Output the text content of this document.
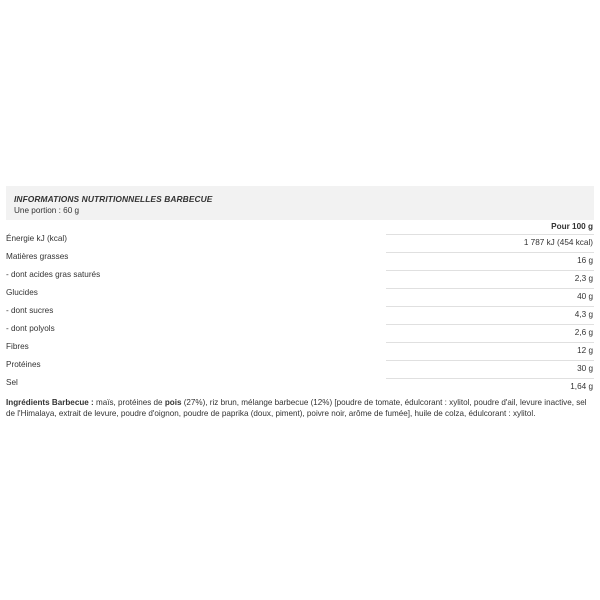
INFORMATIONS NUTRITIONNELLES BARBECUE
Une portion : 60 g
Pour 100 g
Énergie kJ (kcal)	1 787 kJ (454 kcal)
Matières grasses	16 g
- dont acides gras saturés	2,3 g
Glucides	40 g
- dont sucres	4,3 g
- dont polyols	2,6 g
Fibres	12 g
Protéines	30 g
Sel	1,64 g
Ingrédients Barbecue : maïs, protéines de pois (27%), riz brun, mélange barbecue (12%) [poudre de tomate, édulcorant : xylitol, poudre d'ail, levure inactive, sel de l'Himalaya, extrait de levure, poudre d'oignon, poudre de paprika (doux, piment), poivre noir, arôme de fumée], huile de colza, édulcorant : xylitol.
